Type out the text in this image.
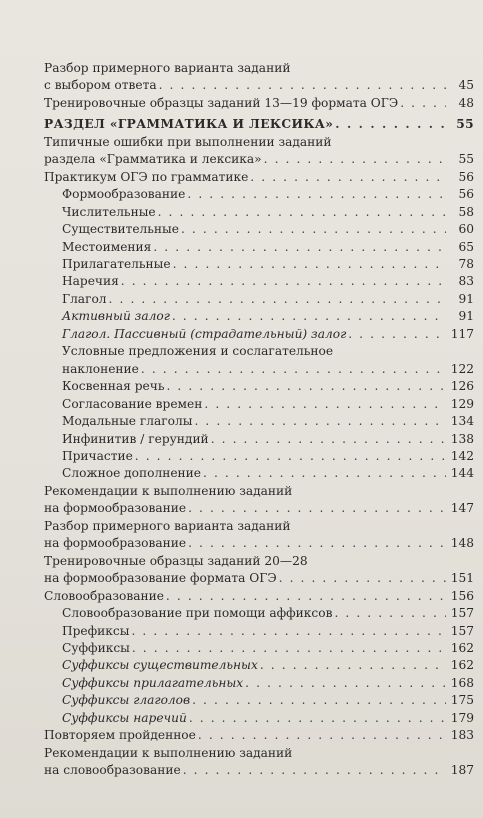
Разбор примерного варианта заданий
с выбором ответа . . .	45
Тренировочные образцы заданий 13—19 формата ОГЭ . . .	48
РАЗДЕЛ «ГРАММАТИКА И ЛЕКСИКА» . . .	55
Типичные ошибки при выполнении заданий
раздела «Грамматика и лексика» . . .	55
Практикум ОГЭ по грамматике . . .	56
Формообразование . . .	56
Числительные . . .	58
Существительные . . .	60
Местоимения . . .	65
Прилагательные . . .	78
Наречия . . .	83
Глагол . . .	91
Активный залог . . .	91
Глагол. Пассивный (страдательный) залог . . .	117
Условные предложения и сослагательное
наклонение . . .	122
Косвенная речь . . .	126
Согласование времен . . .	129
Модальные глаголы . . .	134
Инфинитив / герундий . . .	138
Причастие . . .	142
Сложное дополнение . . .	144
Рекомендации к выполнению заданий
на формообразование . . .	147
Разбор примерного варианта заданий
на формообразование . . .	148
Тренировочные образцы заданий 20—28
на формообразование формата ОГЭ . . .	151
Словообразование . . .	156
Словообразование при помощи аффиксов . . .	157
Префиксы . . .	157
Суффиксы . . .	162
Суффиксы существительных . . .	162
Суффиксы прилагательных . . .	168
Суффиксы глаголов . . .	175
Суффиксы наречий . . .	179
Повторяем пройденное . . .	183
Рекомендации к выполнению заданий
на словообразование . . .	187
